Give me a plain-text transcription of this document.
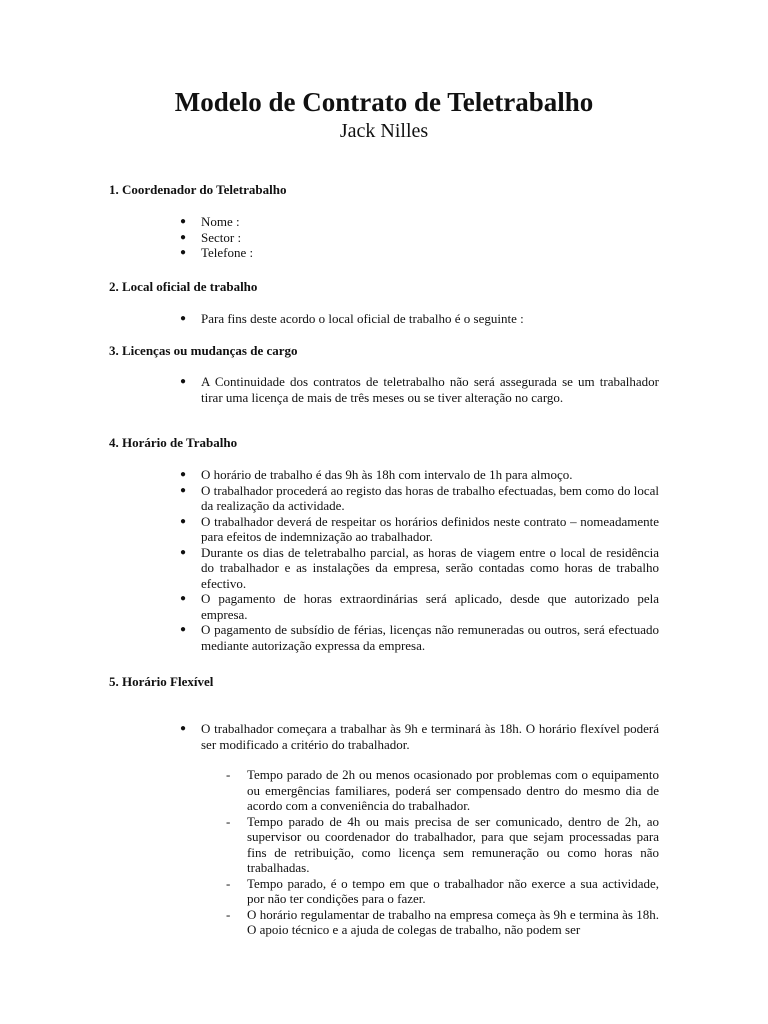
Modelo de Contrato de Teletrabalho
Jack Nilles
1. Coordenador do Teletrabalho
● Nome :
● Sector :
● Telefone :
2. Local oficial de trabalho
● Para fins deste acordo o local oficial de trabalho é o seguinte :
3. Licenças ou mudanças de cargo
● A Continuidade dos contratos de teletrabalho não será assegurada se um trabalhador tirar uma licença de mais de três meses ou se tiver alteração no cargo.
4. Horário de Trabalho
● O horário de trabalho é das 9h às 18h com intervalo de 1h para almoço.
● O trabalhador procederá ao registo das horas de trabalho efectuadas, bem como do local da realização da actividade.
● O trabalhador deverá de respeitar os horários definidos neste contrato – nomeadamente para efeitos de indemnização ao trabalhador.
● Durante os dias de teletrabalho parcial, as horas de viagem entre o local de residência do trabalhador e as instalações da empresa, serão contadas como horas de trabalho efectivo.
● O pagamento de horas extraordinárias será aplicado, desde que autorizado pela empresa.
● O pagamento de subsídio de férias, licenças não remuneradas ou outros, será efectuado mediante autorização expressa da empresa.
5. Horário Flexível
● O trabalhador começara a trabalhar às 9h e terminará às 18h. O horário flexível poderá ser modificado a critério do trabalhador.
- Tempo parado de 2h ou menos ocasionado por problemas com o equipamento ou emergências familiares, poderá ser compensado dentro do mesmo dia de acordo com a conveniência do trabalhador.
- Tempo parado de 4h ou mais precisa de ser comunicado, dentro de 2h, ao supervisor ou coordenador do trabalhador, para que sejam processadas para fins de retribuição, como licença sem remuneração ou como horas não trabalhadas.
- Tempo parado, é o tempo em que o trabalhador não exerce a sua actividade, por não ter condições para o fazer.
- O horário regulamentar de trabalho na empresa começa às 9h e termina às 18h. O apoio técnico e a ajuda de colegas de trabalho, não podem ser
